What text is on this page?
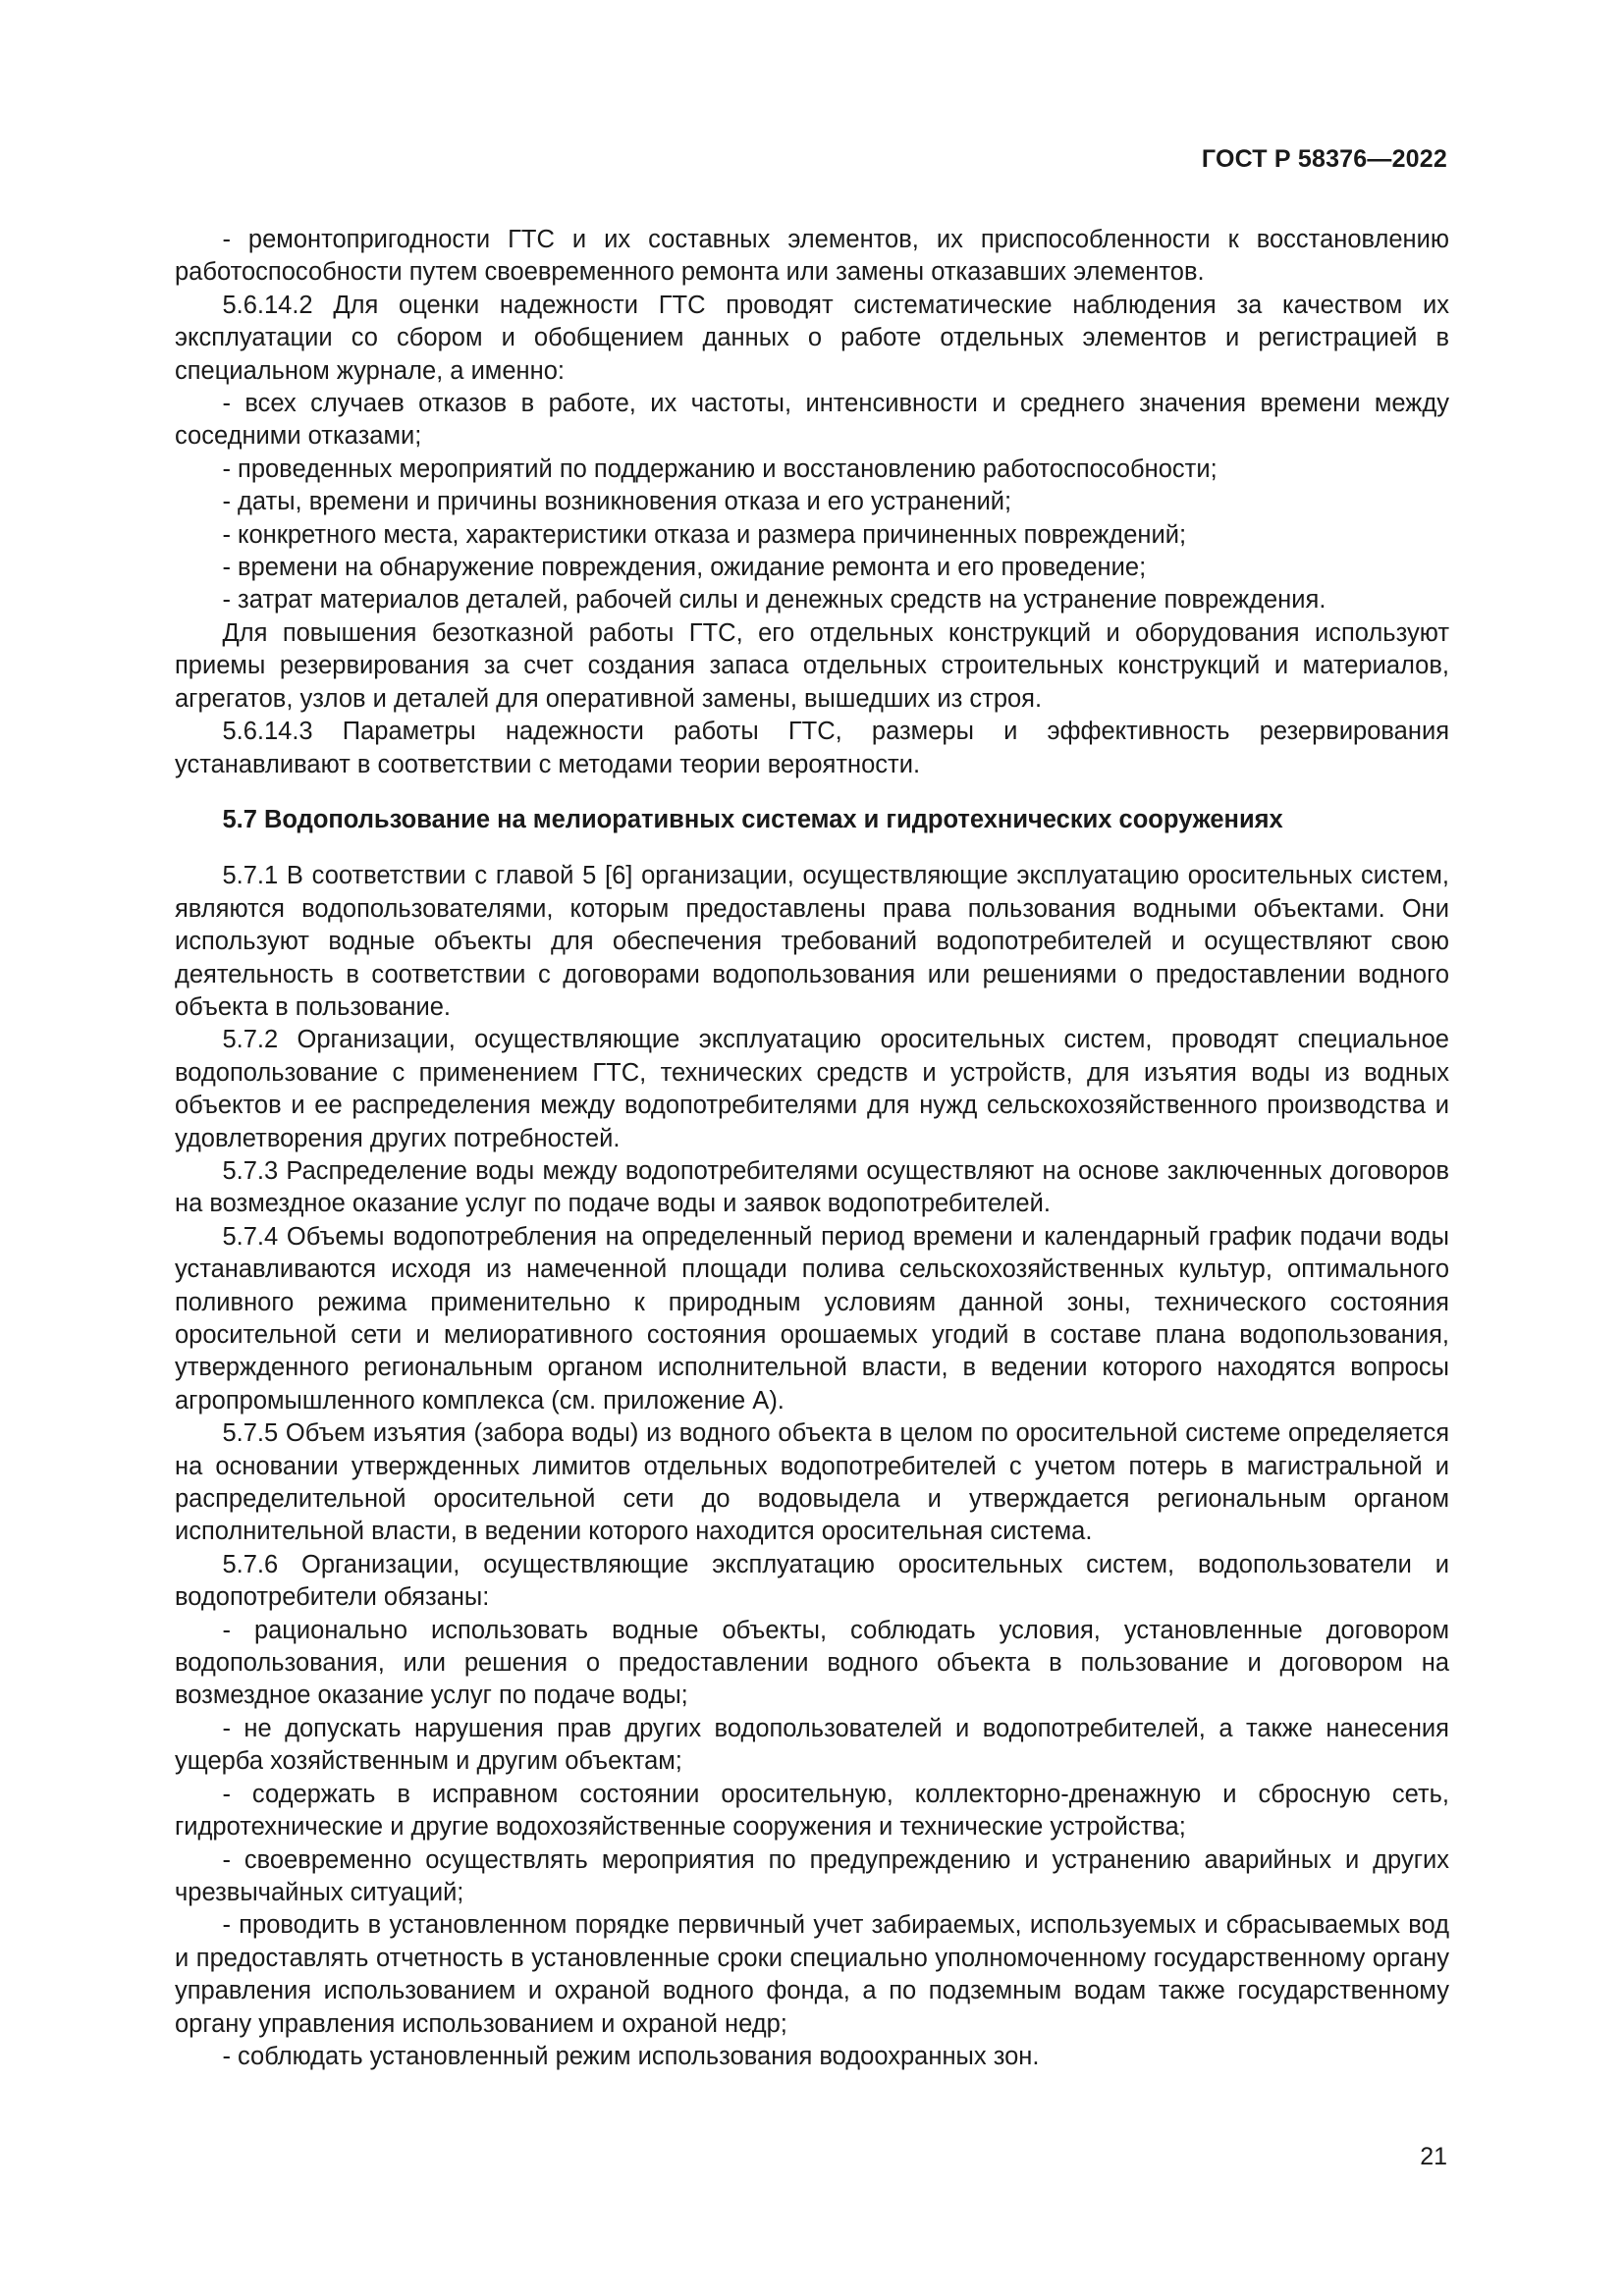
ГОСТ Р 58376—2022

- ремонтопригодности ГТС и их составных элементов, их приспособленности к восстановлению работоспособности путем своевременного ремонта или замены отказавших элементов.

5.6.14.2 Для оценки надежности ГТС проводят систематические наблюдения за качеством их эксплуатации со сбором и обобщением данных о работе отдельных элементов и регистрацией в специальном журнале, а именно:

- всех случаев отказов в работе, их частоты, интенсивности и среднего значения времени между соседними отказами;

- проведенных мероприятий по поддержанию и восстановлению работоспособности;

- даты, времени и причины возникновения отказа и его устранений;

- конкретного места, характеристики отказа и размера причиненных повреждений;

- времени на обнаружение повреждения, ожидание ремонта и его проведение;

- затрат материалов деталей, рабочей силы и денежных средств на устранение повреждения.

Для повышения безотказной работы ГТС, его отдельных конструкций и оборудования используют приемы резервирования за счет создания запаса отдельных строительных конструкций и материалов, агрегатов, узлов и деталей для оперативной замены, вышедших из строя.

5.6.14.3 Параметры надежности работы ГТС, размеры и эффективность резервирования устанавливают в соответствии с методами теории вероятности.

5.7 Водопользование на мелиоративных системах и гидротехнических сооружениях

5.7.1 В соответствии с главой 5 [6] организации, осуществляющие эксплуатацию оросительных систем, являются водопользователями, которым предоставлены права пользования водными объектами. Они используют водные объекты для обеспечения требований водопотребителей и осуществляют свою деятельность в соответствии с договорами водопользования или решениями о предоставлении водного объекта в пользование.

5.7.2 Организации, осуществляющие эксплуатацию оросительных систем, проводят специальное водопользование с применением ГТС, технических средств и устройств, для изъятия воды из водных объектов и ее распределения между водопотребителями для нужд сельскохозяйственного производства и удовлетворения других потребностей.

5.7.3 Распределение воды между водопотребителями осуществляют на основе заключенных договоров на возмездное оказание услуг по подаче воды и заявок водопотребителей.

5.7.4 Объемы водопотребления на определенный период времени и календарный график подачи воды устанавливаются исходя из намеченной площади полива сельскохозяйственных культур, оптимального поливного режима применительно к природным условиям данной зоны, технического состояния оросительной сети и мелиоративного состояния орошаемых угодий в составе плана водопользования, утвержденного региональным органом исполнительной власти, в ведении которого находятся вопросы агропромышленного комплекса (см. приложение А).

5.7.5 Объем изъятия (забора воды) из водного объекта в целом по оросительной системе определяется на основании утвержденных лимитов отдельных водопотребителей с учетом потерь в магистральной и распределительной оросительной сети до водовыдела и утверждается региональным органом исполнительной власти, в ведении которого находится оросительная система.

5.7.6 Организации, осуществляющие эксплуатацию оросительных систем, водопользователи и водопотребители обязаны:

- рационально использовать водные объекты, соблюдать условия, установленные договором водопользования, или решения о предоставлении водного объекта в пользование и договором на возмездное оказание услуг по подаче воды;

- не допускать нарушения прав других водопользователей и водопотребителей, а также нанесения ущерба хозяйственным и другим объектам;

- содержать в исправном состоянии оросительную, коллекторно-дренажную и сбросную сеть, гидротехнические и другие водохозяйственные сооружения и технические устройства;

- своевременно осуществлять мероприятия по предупреждению и устранению аварийных и других чрезвычайных ситуаций;

- проводить в установленном порядке первичный учет забираемых, используемых и сбрасываемых вод и предоставлять отчетность в установленные сроки специально уполномоченному государственному органу управления использованием и охраной водного фонда, а по подземным водам также государственному органу управления использованием и охраной недр;

- соблюдать установленный режим использования водоохранных зон.

21
